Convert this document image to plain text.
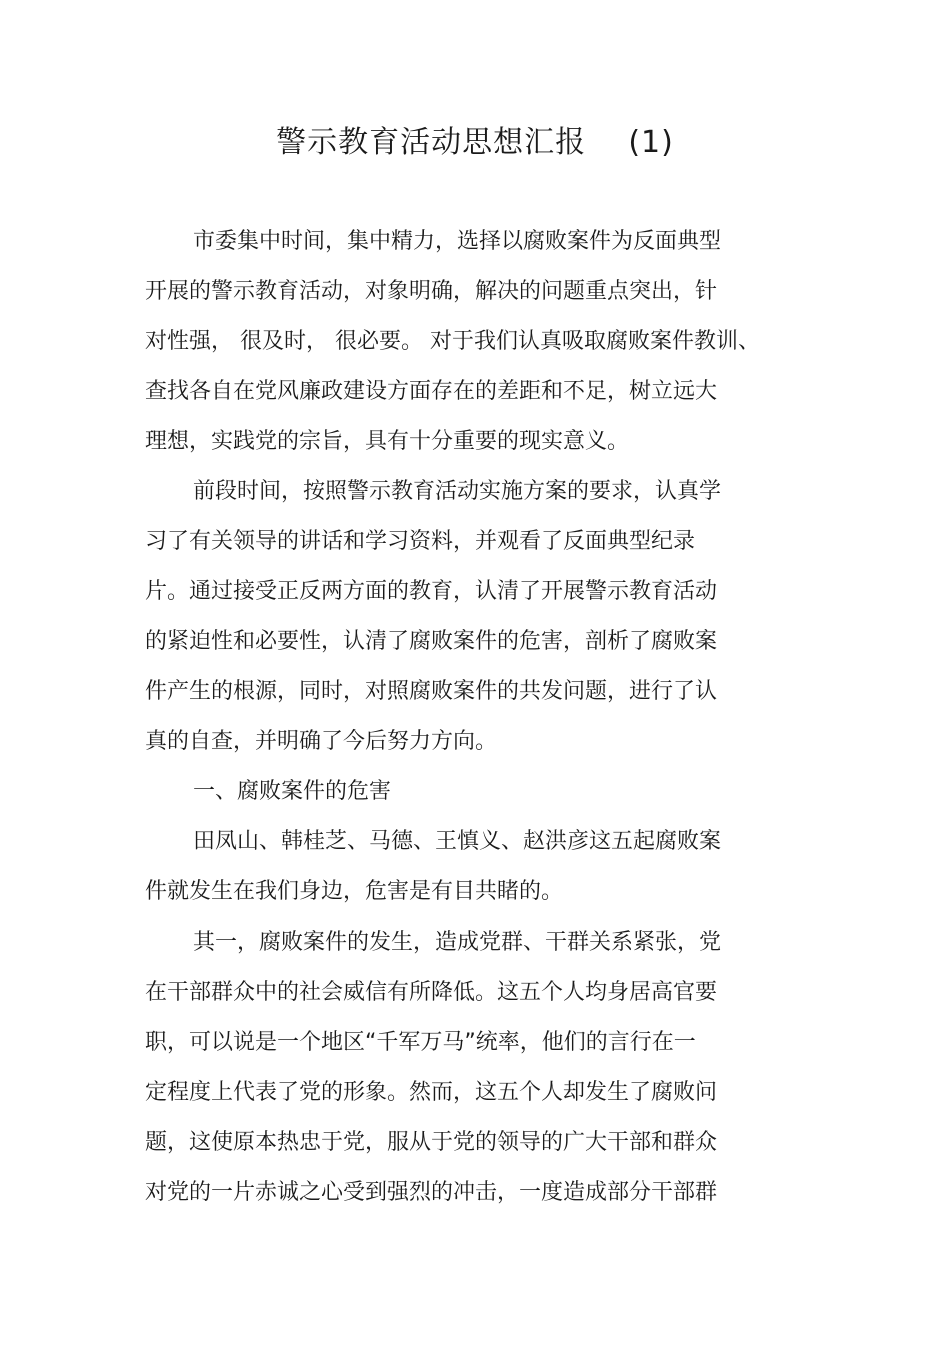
警示教育活动思想汇报    (1)
市委集中时间，集中精力，选择以腐败案件为反面典型
开展的警示教育活动，对象明确，解决的问题重点突出，针
对性强， 很及时， 很必要。 对于我们认真吸取腐败案件教训、
查找各自在党风廉政建设方面存在的差距和不足，树立远大
理想，实践党的宗旨，具有十分重要的现实意义。
前段时间，按照警示教育活动实施方案的要求，认真学
习了有关领导的讲话和学习资料，并观看了反面典型纪录
片。通过接受正反两方面的教育，认清了开展警示教育活动
的紧迫性和必要性，认清了腐败案件的危害，剖析了腐败案
件产生的根源，同时，对照腐败案件的共发问题，进行了认
真的自查，并明确了今后努力方向。
一、腐败案件的危害
田凤山、韩桂芝、马德、王慎义、赵洪彦这五起腐败案
件就发生在我们身边，危害是有目共睹的。
其一，腐败案件的发生，造成党群、干群关系紧张，党
在干部群众中的社会威信有所降低。这五个人均身居高官要
职，可以说是一个地区“千军万马”统率，他们的言行在一
定程度上代表了党的形象。然而，这五个人却发生了腐败问
题，这使原本热忠于党，服从于党的领导的广大干部和群众
对党的一片赤诚之心受到强烈的冲击，一度造成部分干部群
